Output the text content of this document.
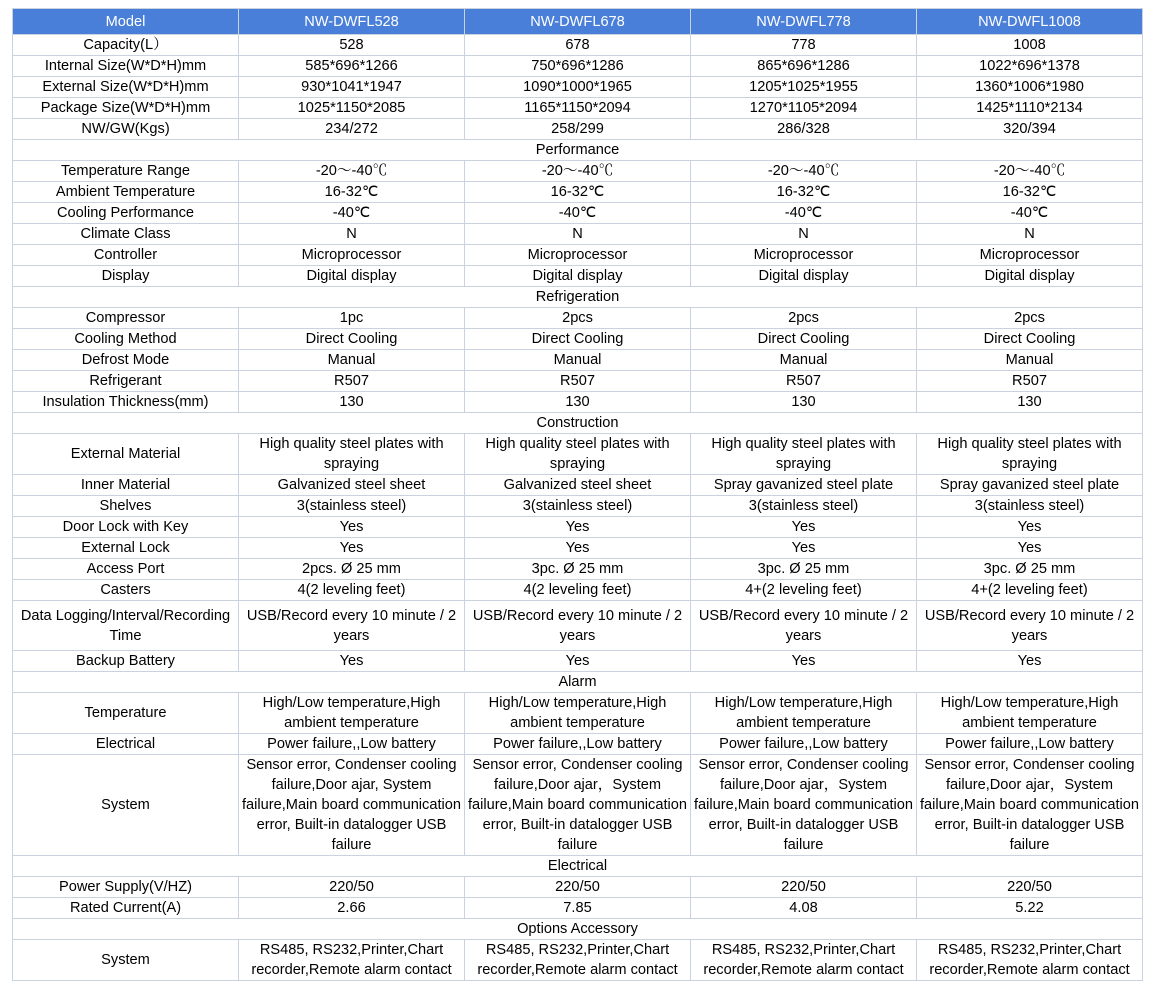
Model	NW-DWFL528	NW-DWFL678	NW-DWFL778	NW-DWFL1008
Capacity(L）	528	678	778	1008
Internal Size(W*D*H)mm	585*696*1266	750*696*1286	865*696*1286	1022*696*1378
External Size(W*D*H)mm	930*1041*1947	1090*1000*1965	1205*1025*1955	1360*1006*1980
Package Size(W*D*H)mm	1025*1150*2085	1165*1150*2094	1270*1105*2094	1425*1110*2134
NW/GW(Kgs)	234/272	258/299	286/328	320/394
Performance				
Temperature Range	-20～-40℃	-20～-40℃	-20～-40℃	-20～-40℃
Ambient Temperature	16-32℃	16-32℃	16-32℃	16-32℃
Cooling Performance	-40℃	-40℃	-40℃	-40℃
Climate Class	N	N	N	N
Controller	Microprocessor	Microprocessor	Microprocessor	Microprocessor
Display	Digital display	Digital display	Digital display	Digital display
Refrigeration				
Compressor	1pc	2pcs	2pcs	2pcs
Cooling Method	Direct Cooling	Direct Cooling	Direct Cooling	Direct Cooling
Defrost Mode	Manual	Manual	Manual	Manual
Refrigerant	R507	R507	R507	R507
Insulation Thickness(mm)	130	130	130	130
Construction				
External Material	High quality steel plates with spraying	High quality steel plates with spraying	High quality steel plates with spraying	High quality steel plates with spraying
Inner Material	Galvanized steel sheet	Galvanized steel sheet	Spray gavanized steel plate	Spray gavanized steel plate
Shelves	3(stainless steel)	3(stainless steel)	3(stainless steel)	3(stainless steel)
Door Lock with Key	Yes	Yes	Yes	Yes
External Lock	Yes	Yes	Yes	Yes
Access Port	2pcs. Ø 25 mm	3pc. Ø 25 mm	3pc. Ø 25 mm	3pc. Ø 25 mm
Casters	4(2 leveling feet)	4(2 leveling feet)	4+(2 leveling feet)	4+(2 leveling feet)
Data Logging/Interval/Recording Time	USB/Record every 10 minute / 2 years	USB/Record every 10 minute / 2 years	USB/Record every 10 minute / 2 years	USB/Record every 10 minute / 2 years
Backup Battery	Yes	Yes	Yes	Yes
Alarm				
Temperature	High/Low temperature,High ambient temperature	High/Low temperature,High ambient temperature	High/Low temperature,High ambient temperature	High/Low temperature,High ambient temperature
Electrical	Power failure,,Low battery	Power failure,,Low battery	Power failure,,Low battery	Power failure,,Low battery
System	Sensor error, Condenser cooling failure,Door ajar, System failure,Main board communication error, Built-in datalogger USB failure	Sensor error, Condenser cooling failure,Door ajar，System failure,Main board communication error, Built-in datalogger USB failure	Sensor error, Condenser cooling failure,Door ajar，System failure,Main board communication error, Built-in datalogger USB failure	Sensor error, Condenser cooling failure,Door ajar，System failure,Main board communication error, Built-in datalogger USB failure
Electrical				
Power Supply(V/HZ)	220/50	220/50	220/50	220/50
Rated Current(A)	2.66	7.85	4.08	5.22
Options Accessory				
System	RS485, RS232,Printer,Chart recorder,Remote alarm contact	RS485, RS232,Printer,Chart recorder,Remote alarm contact	RS485, RS232,Printer,Chart recorder,Remote alarm contact	RS485, RS232,Printer,Chart recorder,Remote alarm contact
